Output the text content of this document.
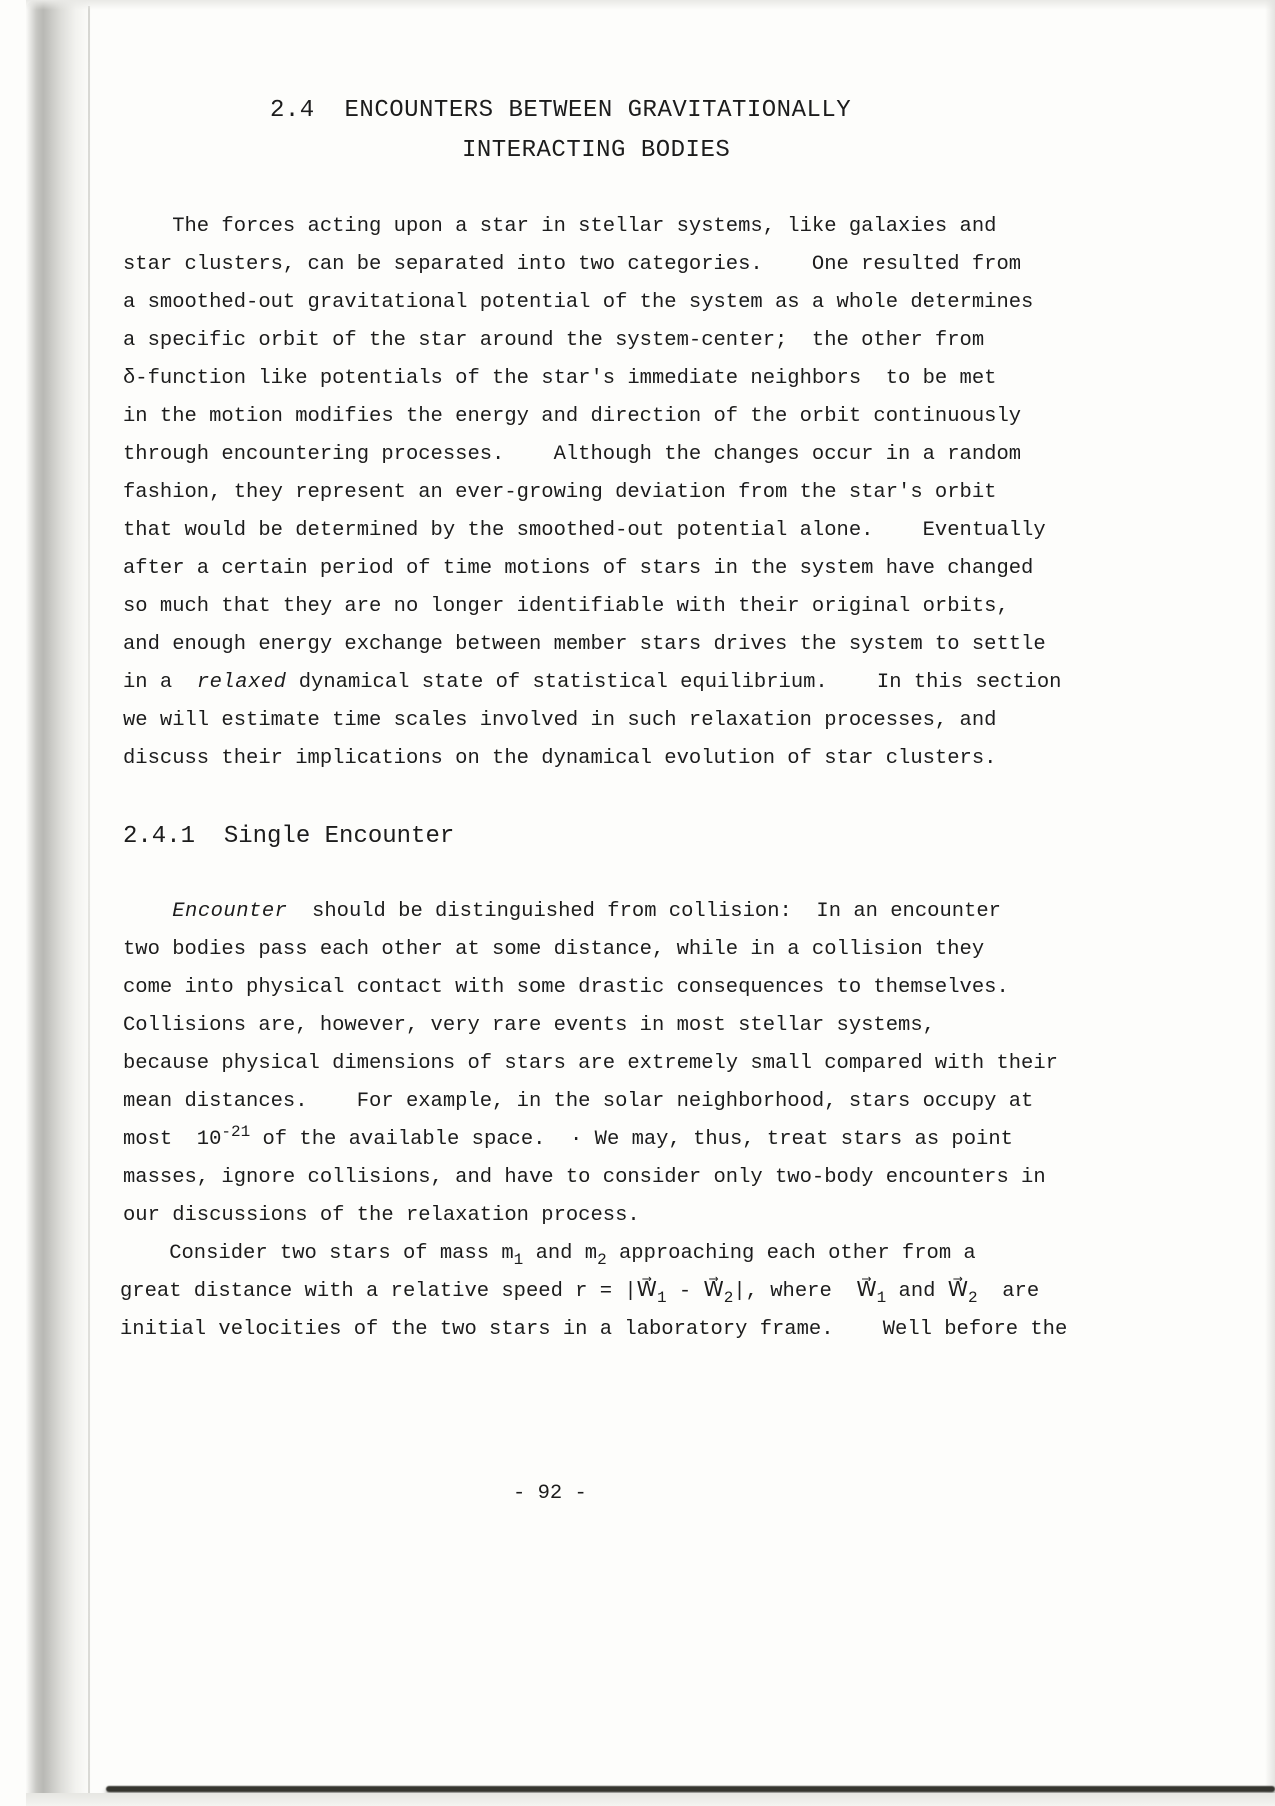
2.4  ENCOUNTERS BETWEEN GRAVITATIONALLY
INTERACTING BODIES
The forces acting upon a star in stellar systems, like galaxies and
star clusters, can be separated into two categories.    One resulted from
a smoothed-out gravitational potential of the system as a whole determines
a specific orbit of the star around the system-center;  the other from
δ-function like potentials of the star's immediate neighbors  to be met
in the motion modifies the energy and direction of the orbit continuously
through encountering processes.    Although the changes occur in a random
fashion, they represent an ever-growing deviation from the star's orbit
that would be determined by the smoothed-out potential alone.    Eventually
after a certain period of time motions of stars in the system have changed
so much that they are no longer identifiable with their original orbits,
and enough energy exchange between member stars drives the system to settle
in a  relaxed dynamical state of statistical equilibrium.    In this section
we will estimate time scales involved in such relaxation processes, and
discuss their implications on the dynamical evolution of star clusters.
2.4.1  Single Encounter
Encounter  should be distinguished from collision:  In an encounter
two bodies pass each other at some distance, while in a collision they
come into physical contact with some drastic consequences to themselves.
Collisions are, however, very rare events in most stellar systems,
because physical dimensions of stars are extremely small compared with their
mean distances.    For example, in the solar neighborhood, stars occupy at
most  10-21 of the available space.  · We may, thus, treat stars as point
masses, ignore collisions, and have to consider only two-body encounters in
our discussions of the relaxation process.
Consider two stars of mass m1 and m2 approaching each other from a
great distance with a relative speed r = |W⃗1 - W⃗2|, where  W⃗1 and W⃗2  are
initial velocities of the two stars in a laboratory frame.    Well before the
- 92 -
